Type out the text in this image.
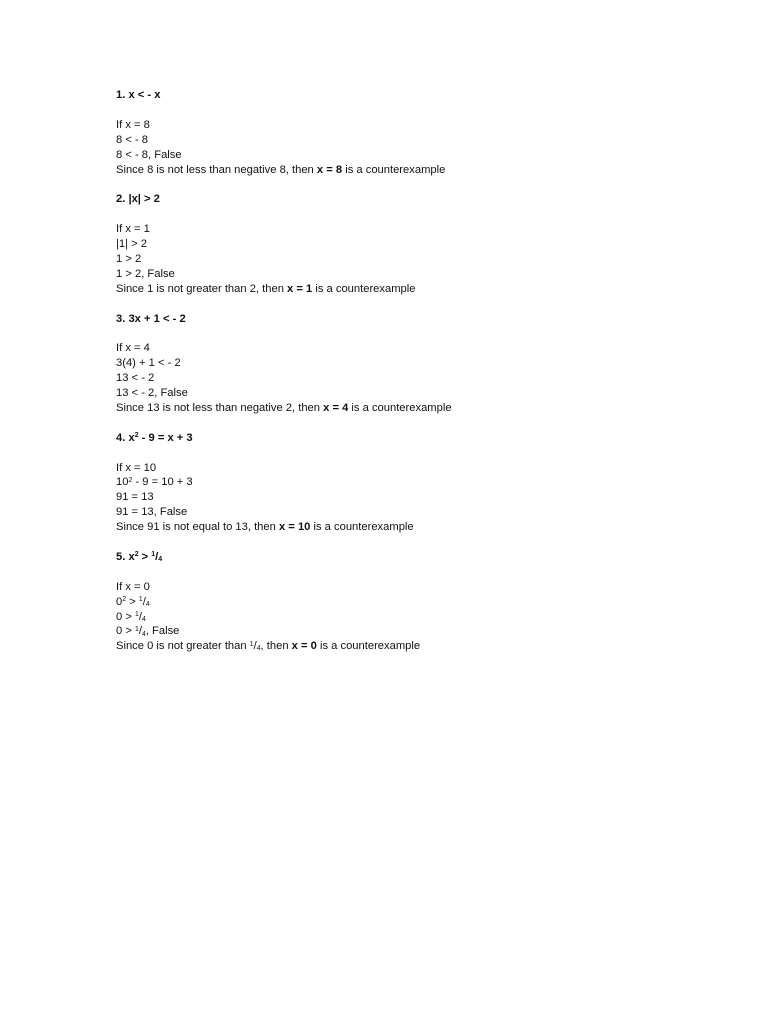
1. x < - x
If x = 8
8 < - 8
8 < - 8, False
Since 8 is not less than negative 8, then x = 8 is a counterexample
2. |x| > 2
If x = 1
|1| > 2
1 > 2
1 > 2, False
Since 1 is not greater than 2, then x = 1 is a counterexample
3. 3x + 1 < - 2
If x = 4
3(4) + 1 < - 2
13 < - 2
13 < - 2, False
Since 13 is not less than negative 2, then x = 4 is a counterexample
4. $x^2 - 9 = x + 3$
If x = 10
$10^2 - 9 = 10 + 3$
91 = 13
91 = 13, False
Since 91 is not equal to 13, then x = 10 is a counterexample
5. $x^2 > ^1/_4$
If x = 0
$0^2 > ^1/_4$
$0 > ^1/_4$
$0 > ^1/_4$, False
Since 0 is not greater than $^1/_4$, then x = 0 is a counterexample
